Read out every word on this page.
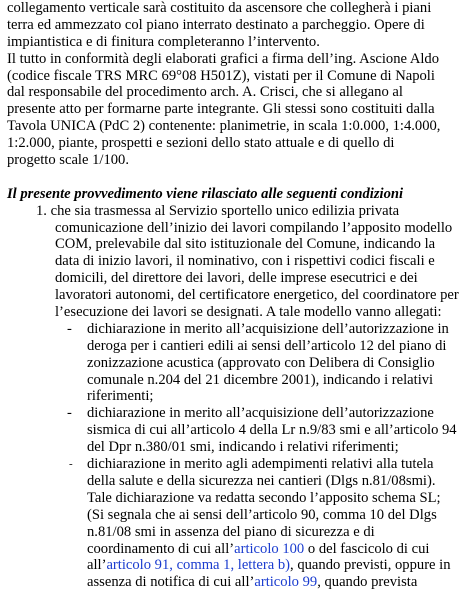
collegamento verticale sarà costituito da ascensore che collegherà i piani
terra ed ammezzato col piano interrato destinato a parcheggio. Opere di
impiantistica e di finitura completeranno l’intervento.
Il tutto in conformità degli elaborati grafici a firma dell’ing. Ascione Aldo
(codice fiscale TRS MRC 69°08 H501Z), vistati per il Comune di Napoli
dal responsabile del procedimento arch. A. Crisci, che si allegano al
presente atto per formarne parte integrante. Gli stessi sono costituiti dalla
Tavola UNICA (PdC 2) contenente: planimetrie, in scala 1:0.000, 1:4.000,
1:2.000, piante, prospetti e sezioni dello stato attuale e di quello di
progetto scale 1/100.
Il presente provvedimento viene rilasciato alle seguenti condizioni
1. che sia trasmessa al Servizio sportello unico edilizia privata
comunicazione dell’inizio dei lavori compilando l’apposito modello
COM, prelevabile dal sito istituzionale del Comune, indicando la
data di inizio lavori, il nominativo, con i rispettivi codici fiscali e
domicili, del direttore dei lavori, delle imprese esecutrici e dei
lavoratori autonomi, del certificatore energetico, del coordinatore per
l’esecuzione dei lavori se designati. A tale modello vanno allegati:
- dichiarazione in merito all’acquisizione dell’autorizzazione in
deroga per i cantieri edili ai sensi dell’articolo 12 del piano di
zonizzazione acustica (approvato con Delibera di Consiglio
comunale n.204 del 21 dicembre 2001), indicando i relativi
riferimenti;
- dichiarazione in merito all’acquisizione dell’autorizzazione
sismica di cui all’articolo 4 della Lr n.9/83 smi e all’articolo 94
del Dpr n.380/01 smi, indicando i relativi riferimenti;
- dichiarazione in merito agli adempimenti relativi alla tutela
della salute e della sicurezza nei cantieri (Dlgs n.81/08smi).
Tale dichiarazione va redatta secondo l’apposito schema SL;
(Si segnala che ai sensi dell’articolo 90, comma 10 del Dlgs
n.81/08 smi in assenza del piano di sicurezza e di
coordinamento di cui all’articolo 100 o del fascicolo di cui
all’articolo 91, comma 1, lettera b), quando previsti, oppure in
assenza di notifica di cui all’articolo 99, quando prevista
